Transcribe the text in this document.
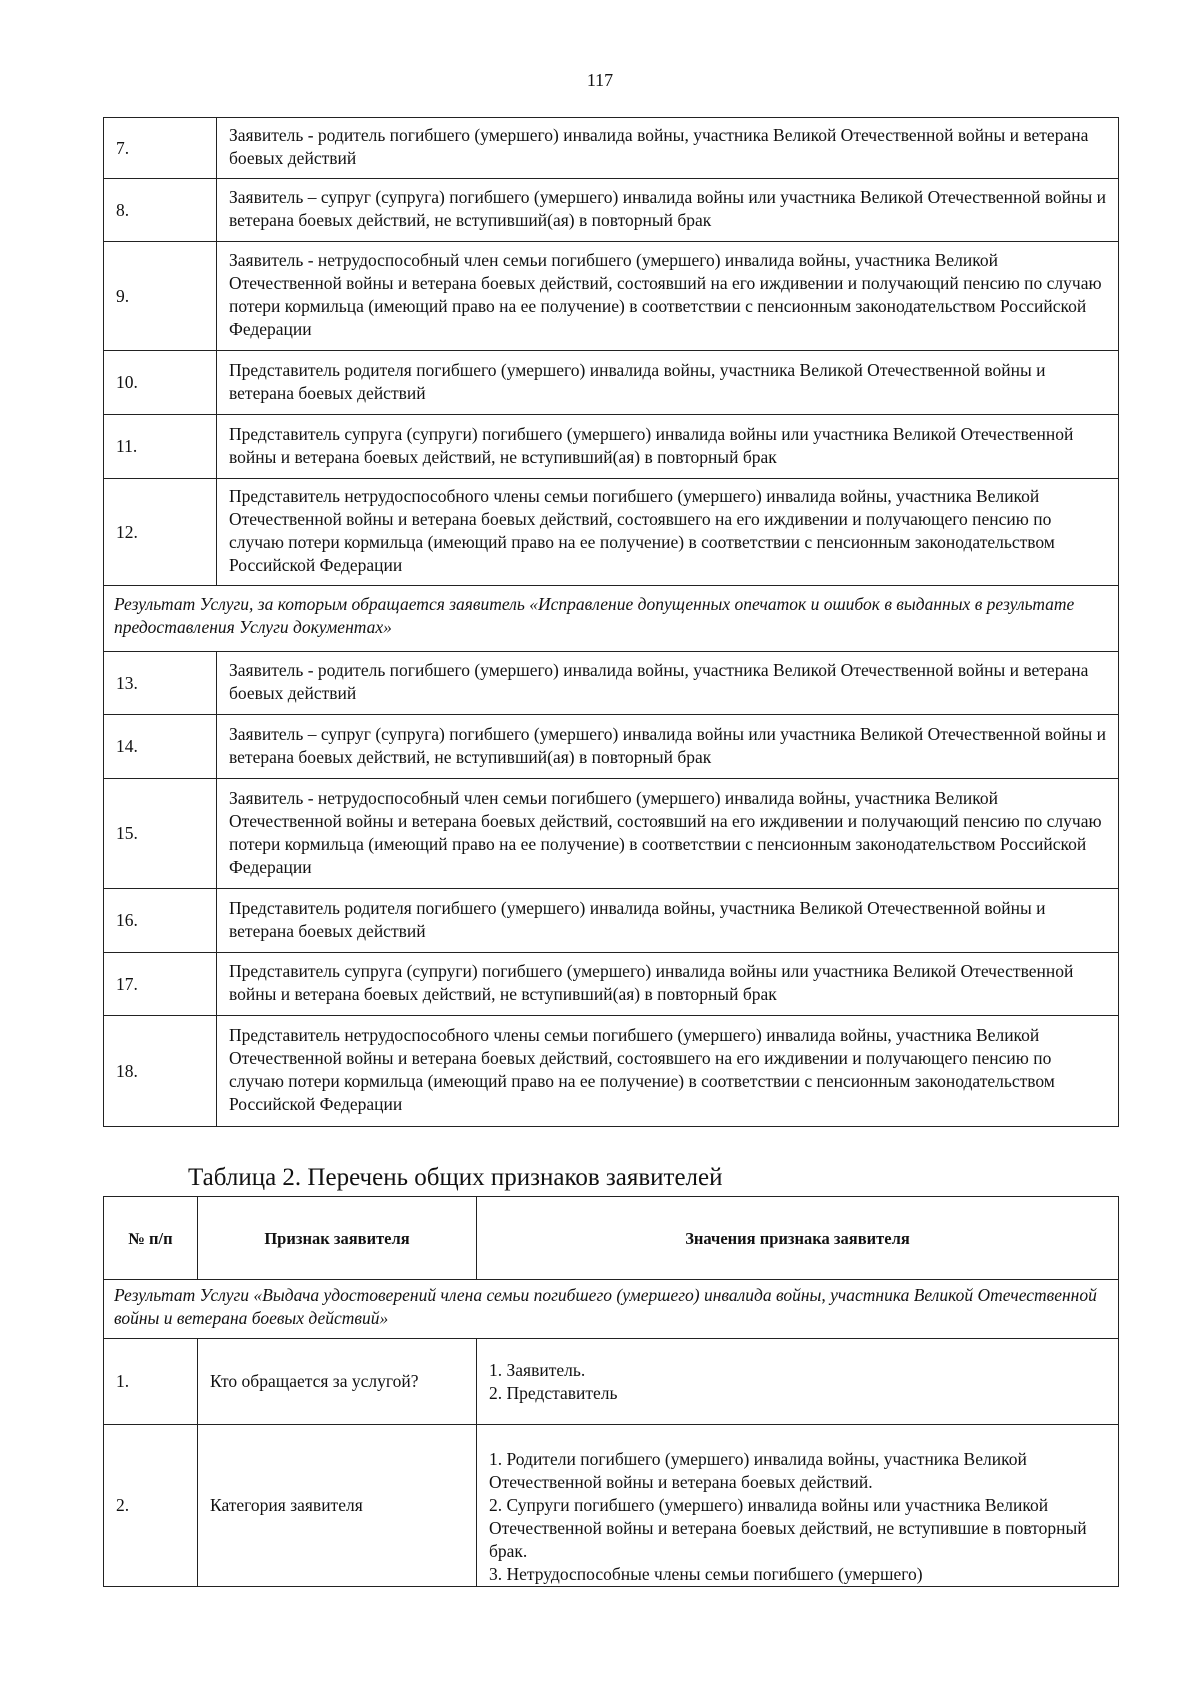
117
7.	Заявитель - родитель погибшего (умершего) инвалида войны, участника Великой Отечественной войны и ветерана боевых действий
8.	Заявитель – супруг (супруга) погибшего (умершего) инвалида войны или участника Великой Отечественной войны и ветерана боевых действий, не вступивший(ая) в повторный брак
9.	Заявитель - нетрудоспособный член семьи погибшего (умершего) инвалида войны, участника Великой Отечественной войны и ветерана боевых действий, состоявший на его иждивении и получающий пенсию по случаю потери кормильца (имеющий право на ее получение) в соответствии с пенсионным законодательством Российской Федерации
10.	Представитель родителя погибшего (умершего) инвалида войны, участника Великой Отечественной войны и ветерана боевых действий
11.	Представитель супруга (супруги) погибшего (умершего) инвалида войны или участника Великой Отечественной войны и ветерана боевых действий, не вступивший(ая) в повторный брак
12.	Представитель нетрудоспособного члены семьи погибшего (умершего) инвалида войны, участника Великой Отечественной войны и ветерана боевых действий, состоявшего на его иждивении и получающего пенсию по случаю потери кормильца (имеющий право на ее получение) в соответствии с пенсионным законодательством Российской Федерации
Результат Услуги, за которым обращается заявитель «Исправление допущенных опечаток и ошибок в выданных в результате предоставления Услуги документах»	
13.	Заявитель - родитель погибшего (умершего) инвалида войны, участника Великой Отечественной войны и ветерана боевых действий
14.	Заявитель – супруг (супруга) погибшего (умершего) инвалида войны или участника Великой Отечественной войны и ветерана боевых действий, не вступивший(ая) в повторный брак
15.	Заявитель - нетрудоспособный член семьи погибшего (умершего) инвалида войны, участника Великой Отечественной войны и ветерана боевых действий, состоявший на его иждивении и получающий пенсию по случаю потери кормильца (имеющий право на ее получение) в соответствии с пенсионным законодательством Российской Федерации
16.	Представитель родителя погибшего (умершего) инвалида войны, участника Великой Отечественной войны и ветерана боевых действий
17.	Представитель супруга (супруги) погибшего (умершего) инвалида войны или участника Великой Отечественной войны и ветерана боевых действий, не вступивший(ая) в повторный брак
18.	Представитель нетрудоспособного члены семьи погибшего (умершего) инвалида войны, участника Великой Отечественной войны и ветерана боевых действий, состоявшего на его иждивении и получающего пенсию по случаю потери кормильца (имеющий право на ее получение) в соответствии с пенсионным законодательством Российской Федерации
Таблица 2. Перечень общих признаков заявителей
№ п/п	Признак заявителя	Значения признака заявителя
Результат Услуги «Выдача удостоверений члена семьи погибшего (умершего) инвалида войны, участника Великой Отечественной войны и ветерана боевых действий»		
1.	Кто обращается за услугой?	1. Заявитель.
2. Представитель

2.	Категория заявителя	1. Родители погибшего (умершего) инвалида войны, участника Великой Отечественной войны и ветерана боевых действий.
2. Супруги погибшего (умершего) инвалида войны или участника Великой Отечественной войны и ветерана боевых действий, не вступившие в повторный брак.
3. Нетрудоспособные члены семьи погибшего (умершего)
